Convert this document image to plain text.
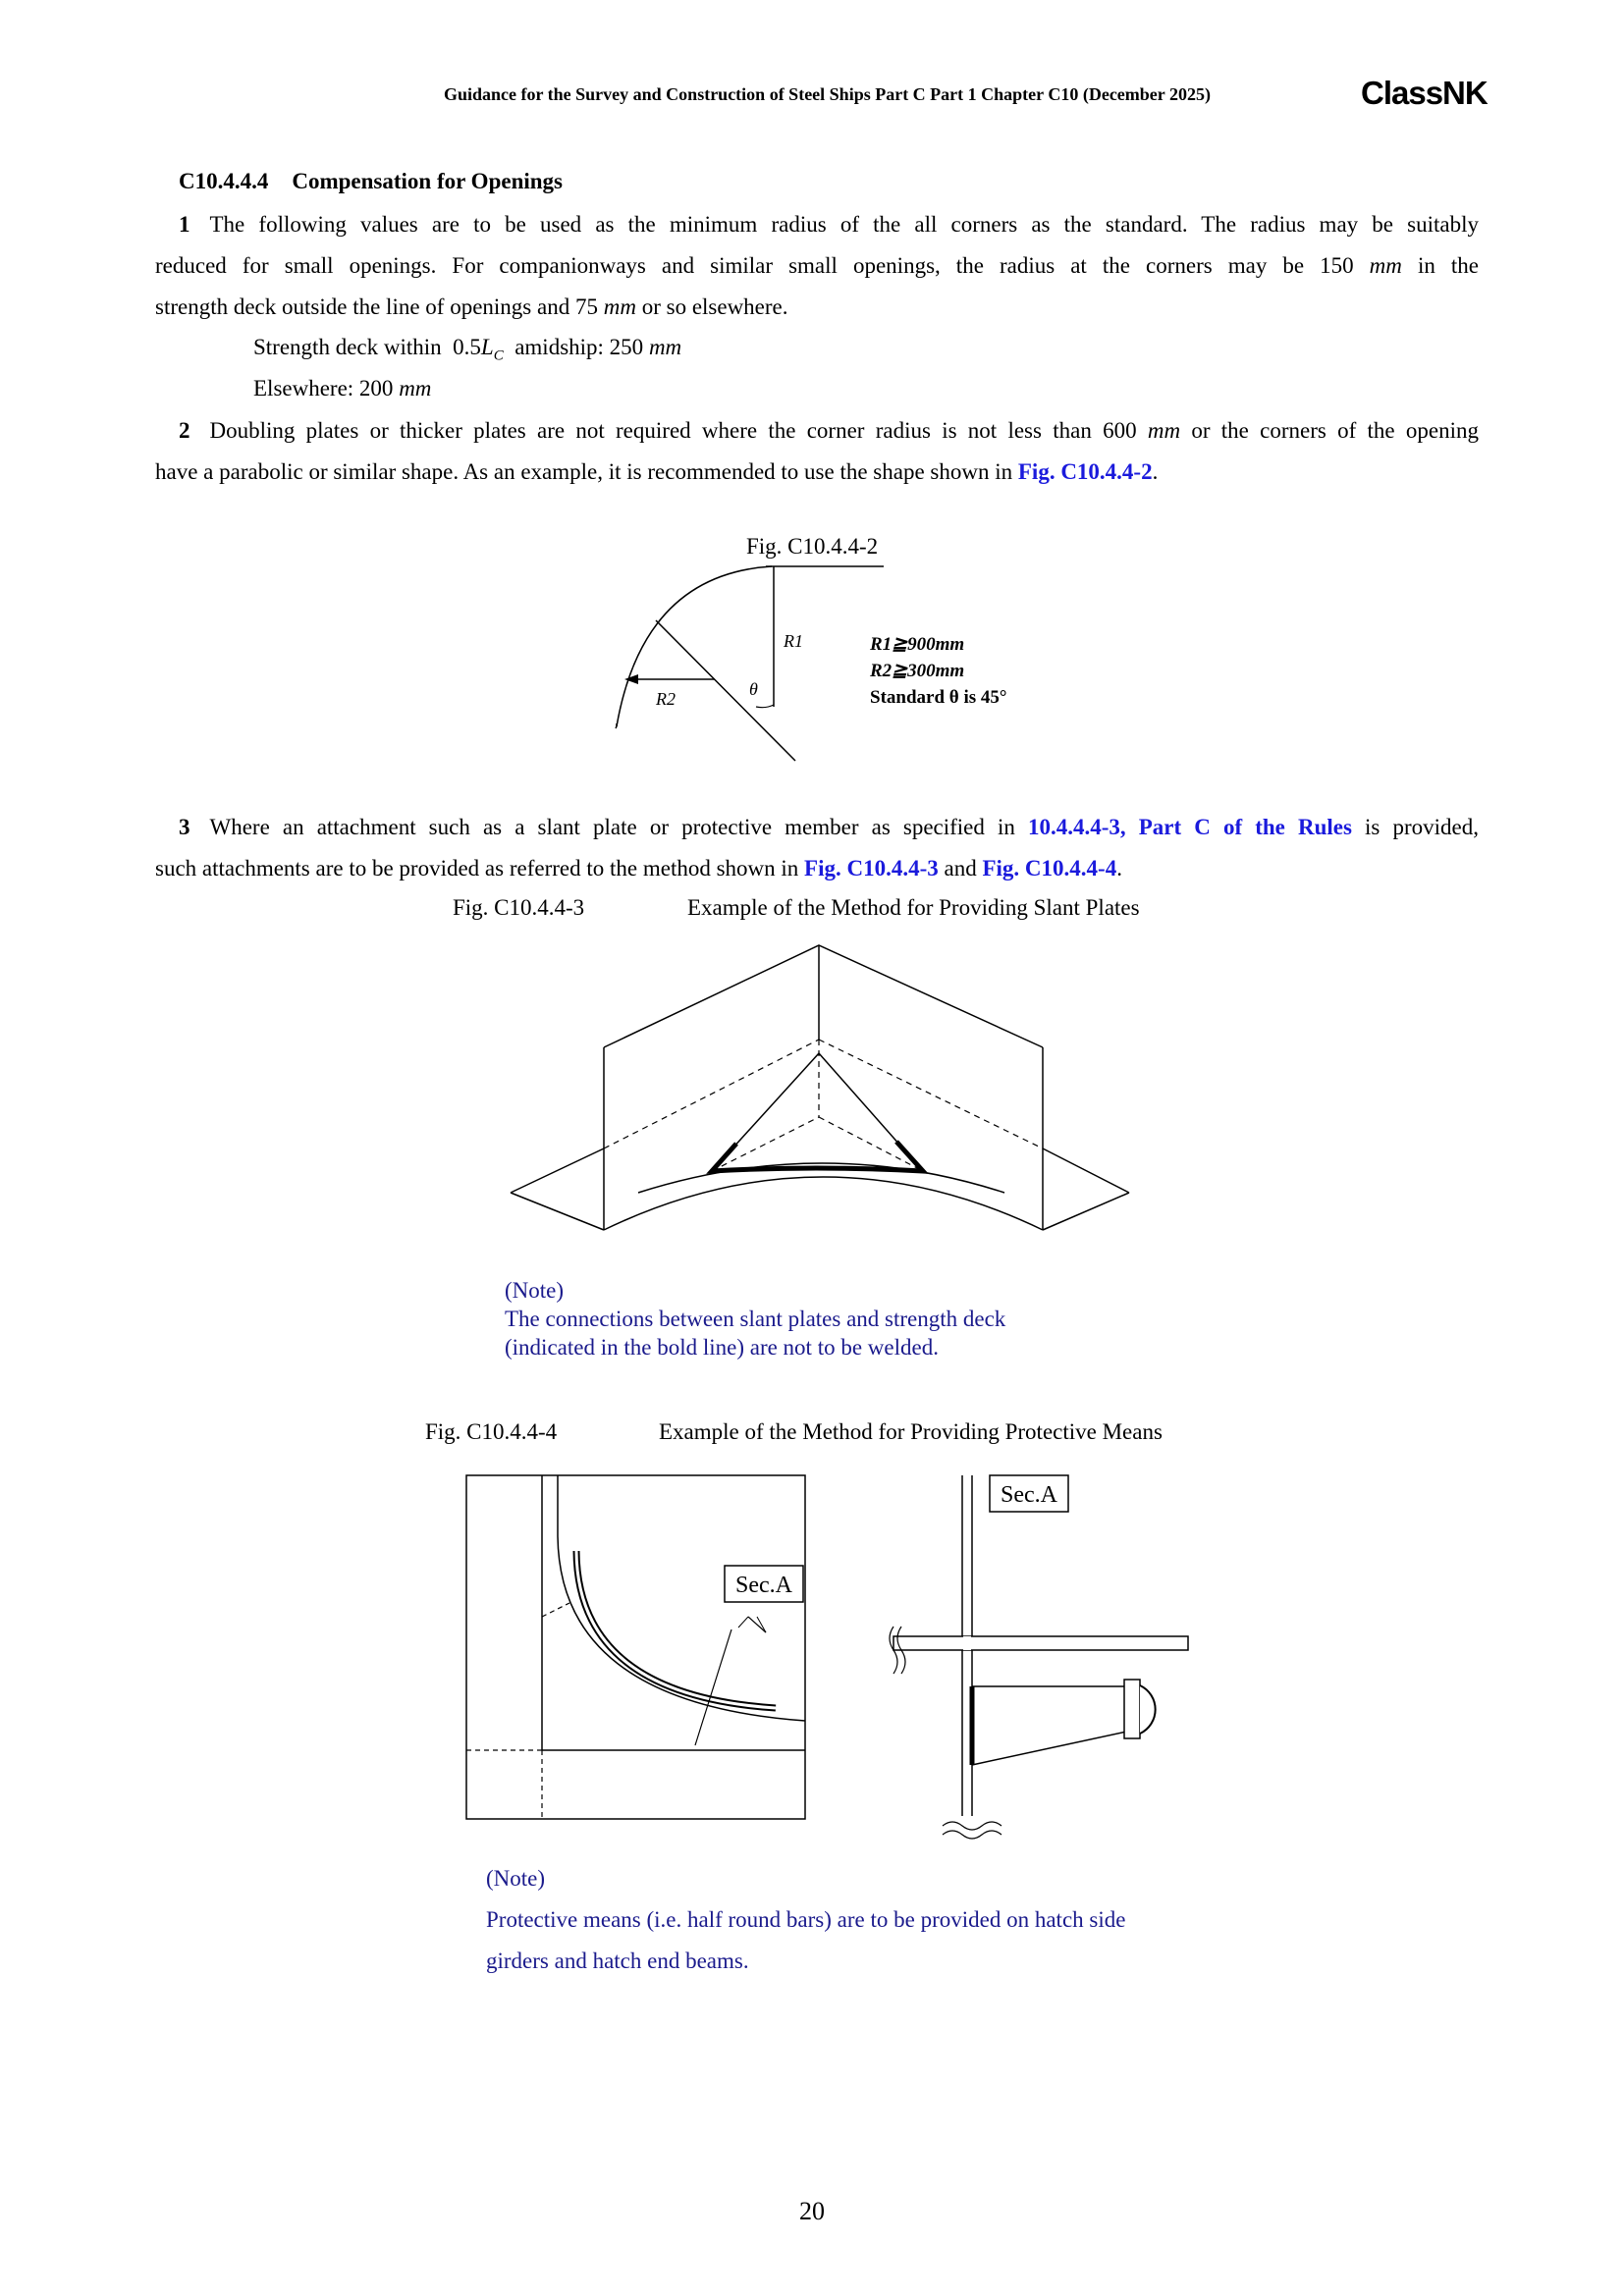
Guidance for the Survey and Construction of Steel Ships Part C Part 1 Chapter C10 (December 2025)	ClassNK
C10.4.4.4 Compensation for Openings
1 The following values are to be used as the minimum radius of the all corners as the standard. The radius may be suitably
reduced for small openings. For companionways and similar small openings, the radius at the corners may be 150 mm in the
strength deck outside the line of openings and 75 mm or so elsewhere.
Strength deck within $0.5L_C$ amidship: 250 mm
Elsewhere: 200 mm
2 Doubling plates or thicker plates are not required where the corner radius is not less than 600 mm or the corners of the opening
have a parabolic or similar shape. As an example, it is recommended to use the shape shown in Fig. C10.4.4-2.
Fig. C10.4.4-2
R1
R2	θ
R1≧900mm
R2≧300mm
Standard θ is 45°
3 Where an attachment such as a slant plate or protective member as specified in 10.4.4.4-3, Part C of the Rules is provided,
such attachments are to be provided as referred to the method shown in Fig. C10.4.4-3 and Fig. C10.4.4-4.
Fig. C10.4.4-3	Example of the Method for Providing Slant Plates
(Note)
The connections between slant plates and strength deck
(indicated in the bold line) are not to be welded.
Fig. C10.4.4-4	Example of the Method for Providing Protective Means
Sec.A
Sec.A
(Note)
Protective means (i.e. half round bars) are to be provided on hatch side
girders and hatch end beams.
20
